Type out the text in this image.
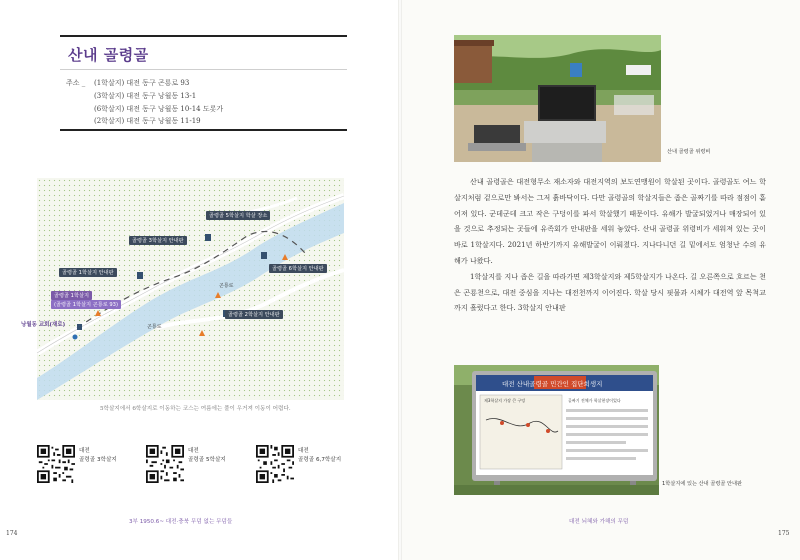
산내 골령골
주소 _ (1학살지) 대전 동구 곤룡로 93
(3학살지) 대전 동구 낭월동 13-1
(6학살지) 대전 동구 낭월동 10-14 도롯가
(2학살지) 대전 동구 낭월동 11-19
골령골 5학살지 학살 장소
골령골 3학살지 안내판
골령골 1학살지 안내판
골령골 6학살지 안내판
골령골 1학살지
(골령골 1학살지 곤룡로 93)
골령골 2학살지 안내판
낭월동 교회(재로)
곤룡로
곤룡로
5학살지에서 6학살지로 이동하는 코스는 여름에는 풀이 우거져 이동이 어렵다.
대전
골령골 3학살지
대전
골령골 5학살지
대전
골령골 6,7학살지
3부 1950.6~ 대전·충북 무덤 없는 무덤들
174
산내 골령골 위령비

산내 골령골은 대전형무소 재소자와 대전지역의 보도연맹원이 학살된 곳이다. 골령골도 여느 학살지처럼 겉으로만 봐서는 그저 흙바닥이다. 다만 골령골의 학살지들은 좁은 골짜기를 따라 점점이 흩어져 있다. 군데군데 크고 작은 구덩이를 파서 학살했기 때문이다. 유해가 발굴되었거나 매장되어 있을 것으로 추정되는 곳들에 유족회가 안내판을 세워 놓았다. 산내 골령골 위령비가 세워져 있는 곳이 바로 1학살지다. 2021년 하반기까지 유해발굴이 이뤄졌다. 지나다니던 길 밑에서도 엄청난 수의 유해가 나왔다.

1학살지를 지나 좁은 길을 따라가면 제3학살지와 제5학살지가 나온다. 길 오른쪽으로 흐르는 천은 곤룡천으로, 대전 중심을 지나는 대전천까지 이어진다. 학살 당시 핏물과 시체가 대전역 앞 목척교까지 흘렀다고 한다. 3학살지 안내판

대전 산내골령골 민간인 집단희생지
제3학살지 가장 큰 구덩	골짜기 전체가 학살현장이었다
1학살지에 있는 산내 골령골 안내판
대전 뇌혜와 가해의 무덤
175
